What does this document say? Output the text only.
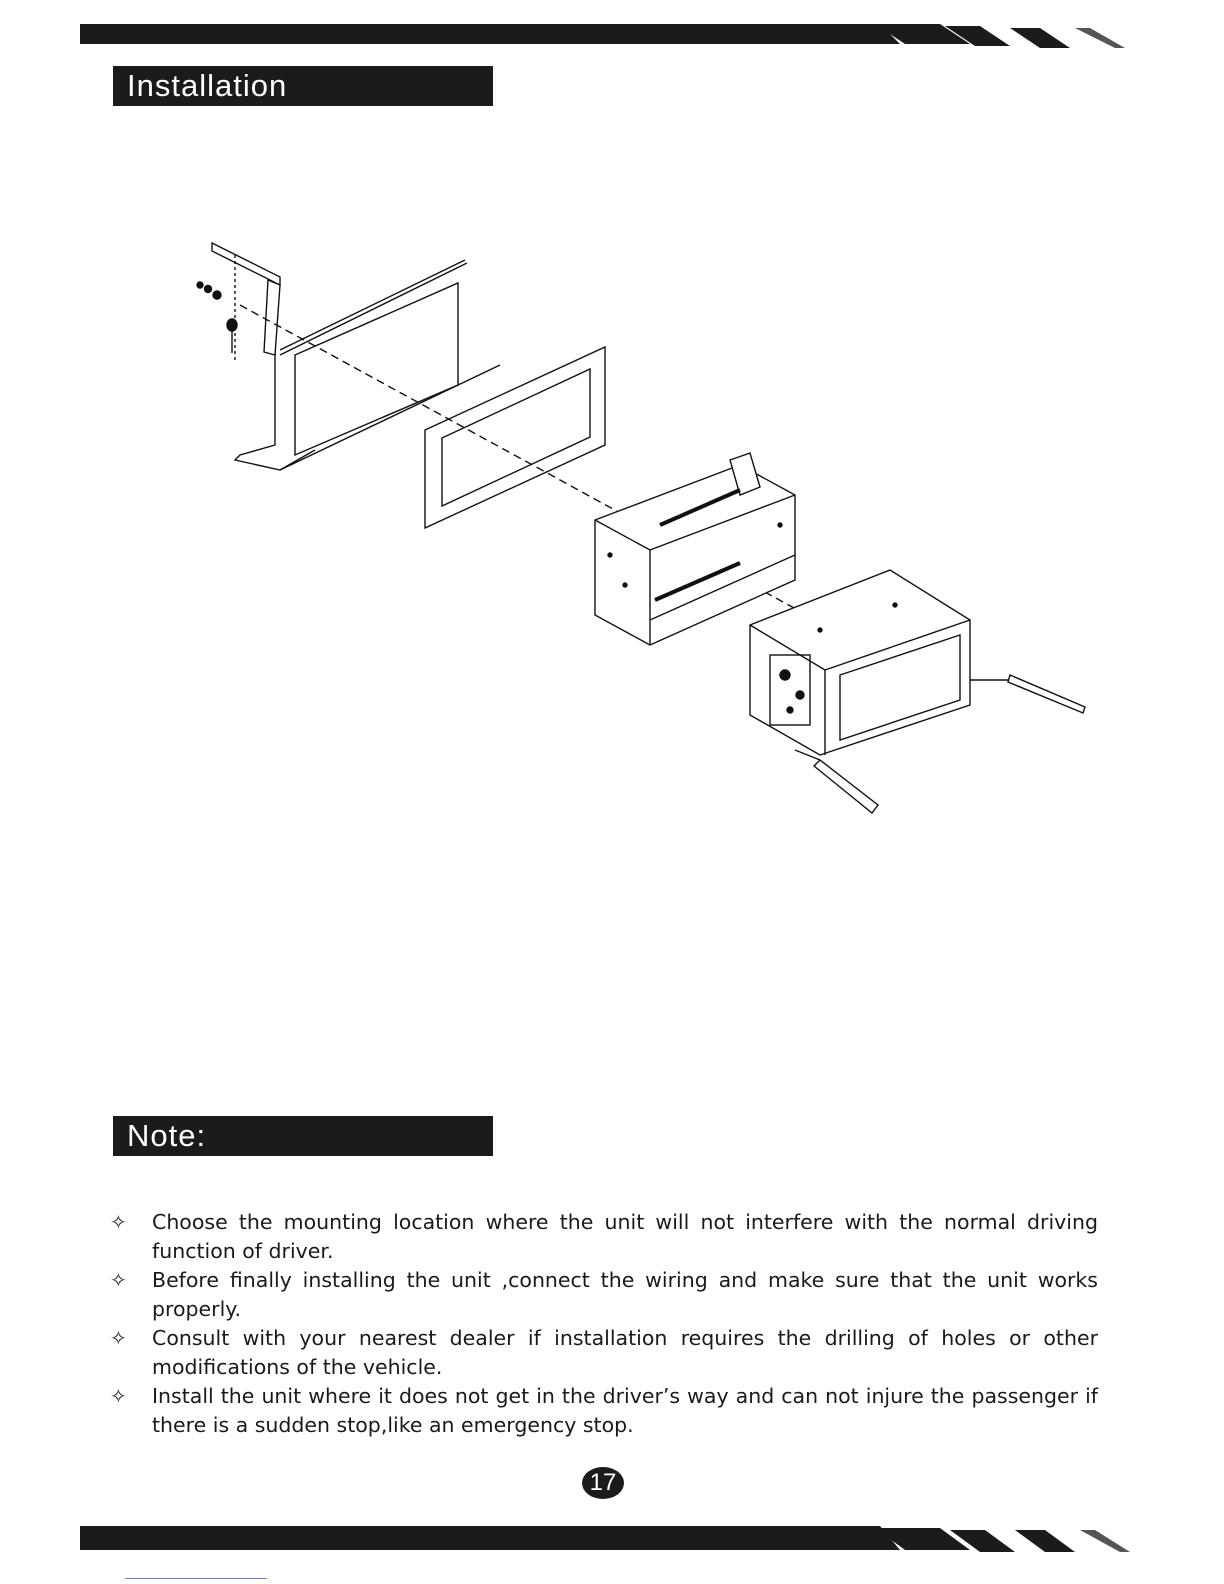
Installation
Note:
✧ Choose the mounting location where the unit will not interfere with the normal driving function of driver.
✧ Before finally installing the unit ,connect the wiring and make sure that the unit works properly.
✧ Consult with your nearest dealer if installation requires the drilling of holes or other modifications of the vehicle.
✧ Install the unit where it does not get in the driver’s way and can not injure the passenger if there is a sudden stop,like an emergency stop.
17
